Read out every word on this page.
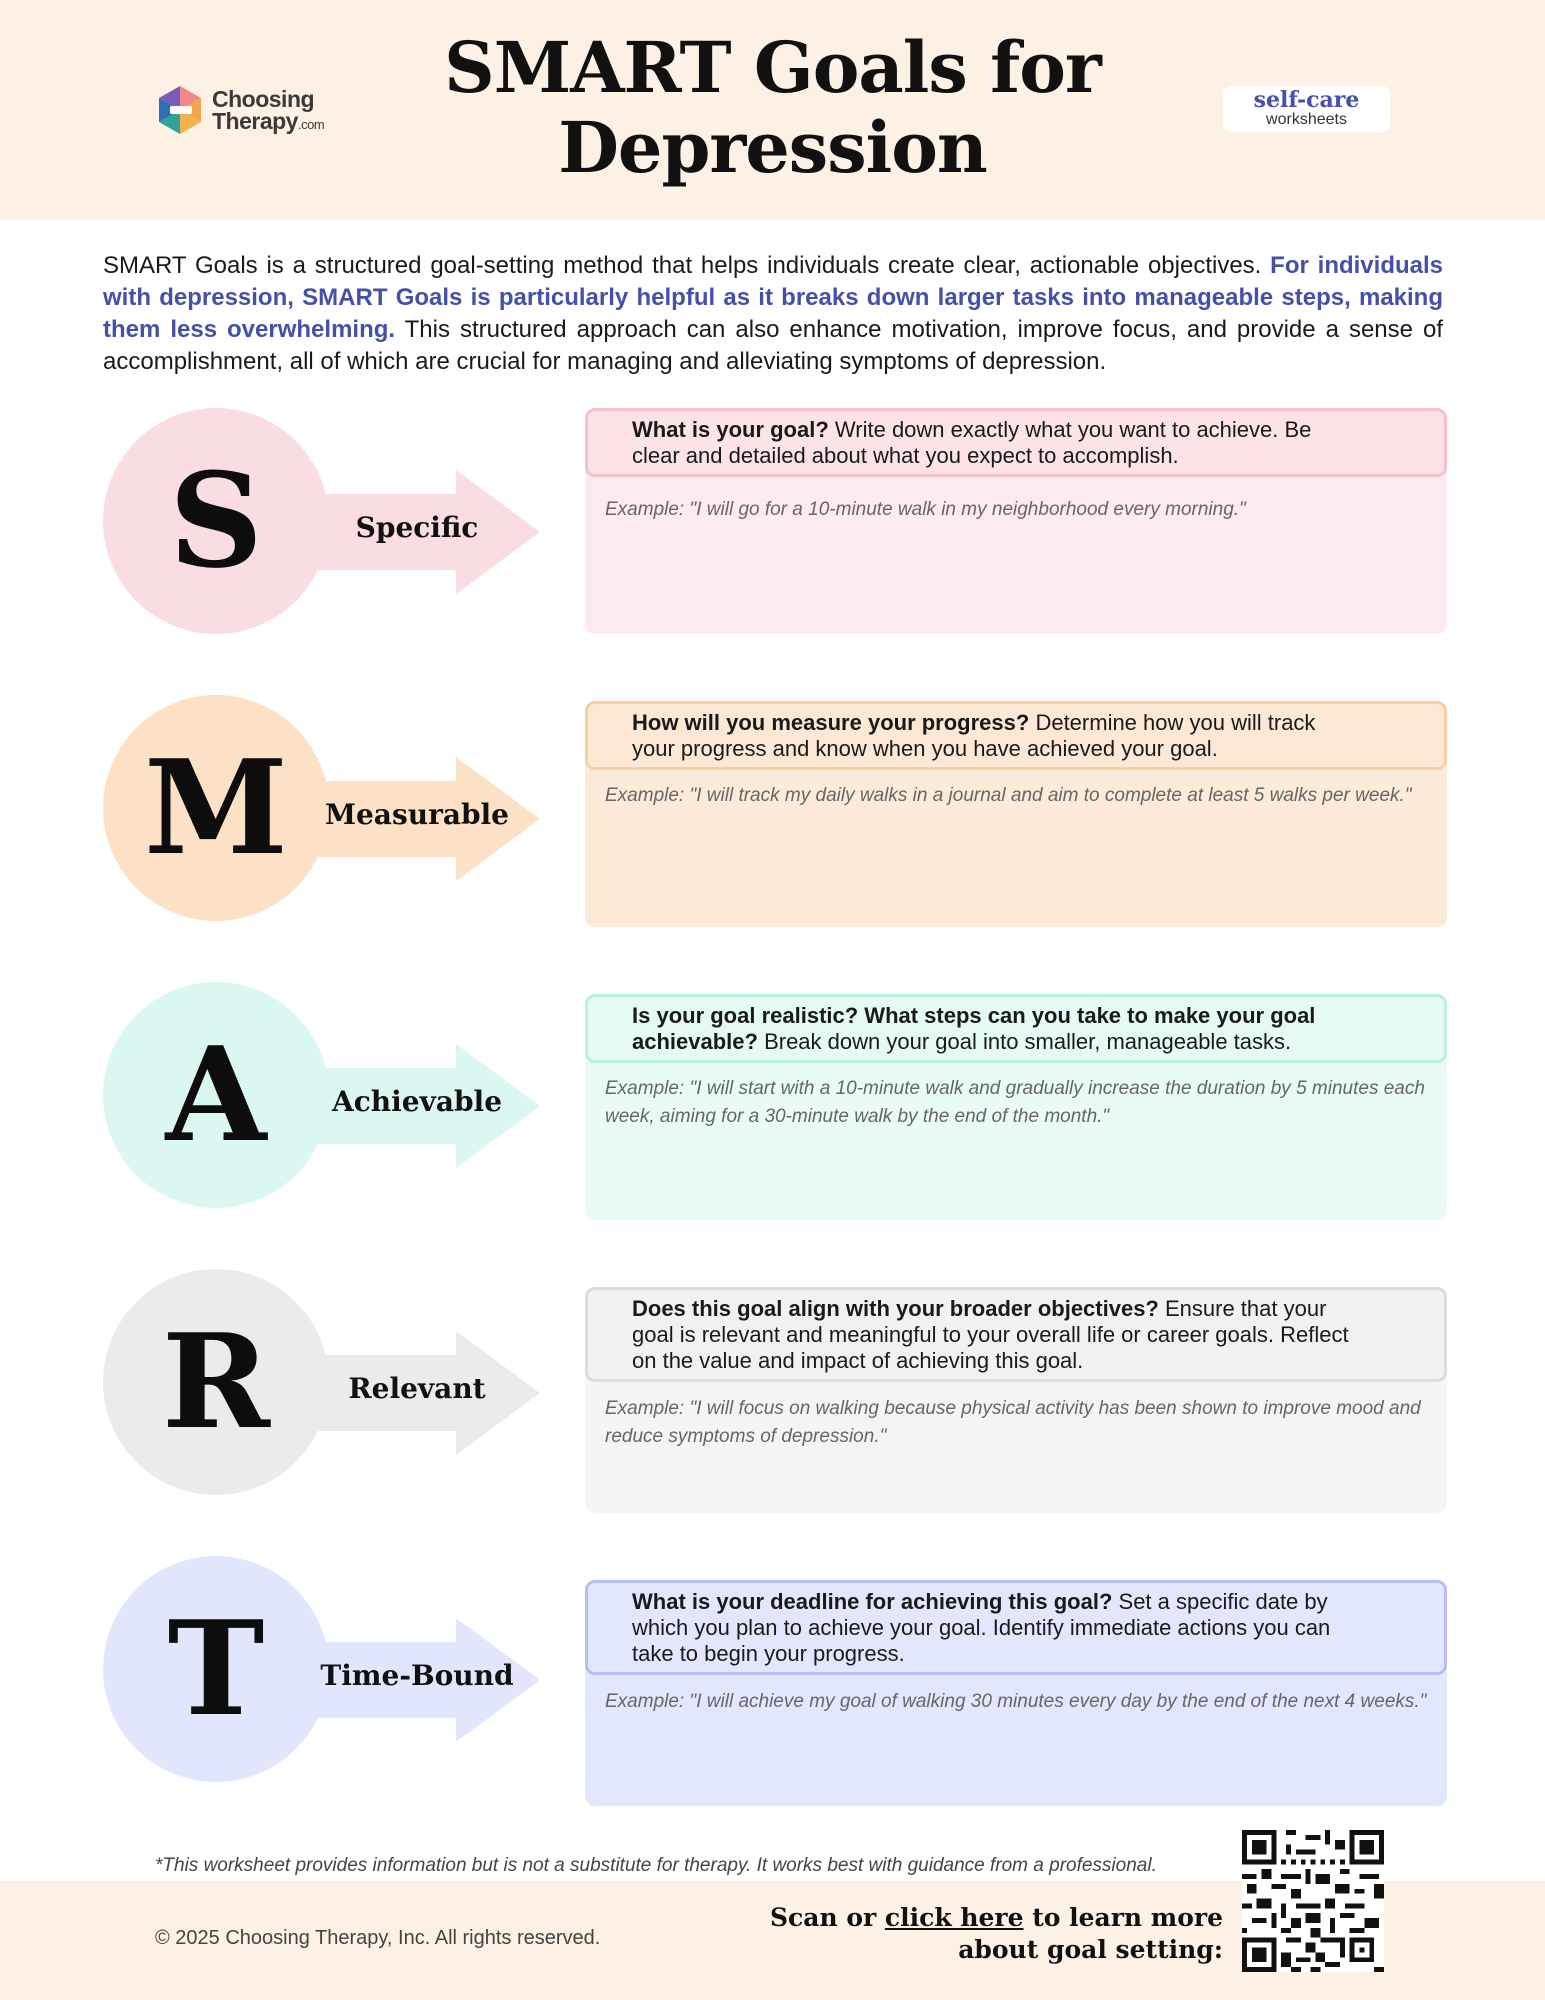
Choosing
Therapy.com
SMART Goals for
Depression
self-care
worksheets

SMART Goals is a structured goal-setting method that helps individuals create clear, actionable objectives. For individuals with depression, SMART Goals is particularly helpful as it breaks down larger tasks into manageable steps, making them less overwhelming. This structured approach can also enhance motivation, improve focus, and provide a sense of accomplishment, all of which are crucial for managing and alleviating symptoms of depression.

S	Specific
What is your goal? Write down exactly what you want to achieve. Be clear and detailed about what you expect to accomplish.
Example: "I will go for a 10-minute walk in my neighborhood every morning."
M	Measurable
How will you measure your progress? Determine how you will track your progress and know when you have achieved your goal.
Example: "I will track my daily walks in a journal and aim to complete at least 5 walks per week."
A	Achievable
Is your goal realistic? What steps can you take to make your goal achievable? Break down your goal into smaller, manageable tasks.
Example: "I will start with a 10-minute walk and gradually increase the duration by 5 minutes each week, aiming for a 30-minute walk by the end of the month."
R	Relevant
Does this goal align with your broader objectives? Ensure that your goal is relevant and meaningful to your overall life or career goals. Reflect on the value and impact of achieving this goal.
Example: "I will focus on walking because physical activity has been shown to improve mood and reduce symptoms of depression."
T	Time-Bound
What is your deadline for achieving this goal? Set a specific date by which you plan to achieve your goal. Identify immediate actions you can take to begin your progress.
Example: "I will achieve my goal of walking 30 minutes every day by the end of the next 4 weeks."

*This worksheet provides information but is not a substitute for therapy. It works best with guidance from a professional.

© 2025 Choosing Therapy, Inc. All rights reserved.

Scan or click here to learn more
about goal setting:
